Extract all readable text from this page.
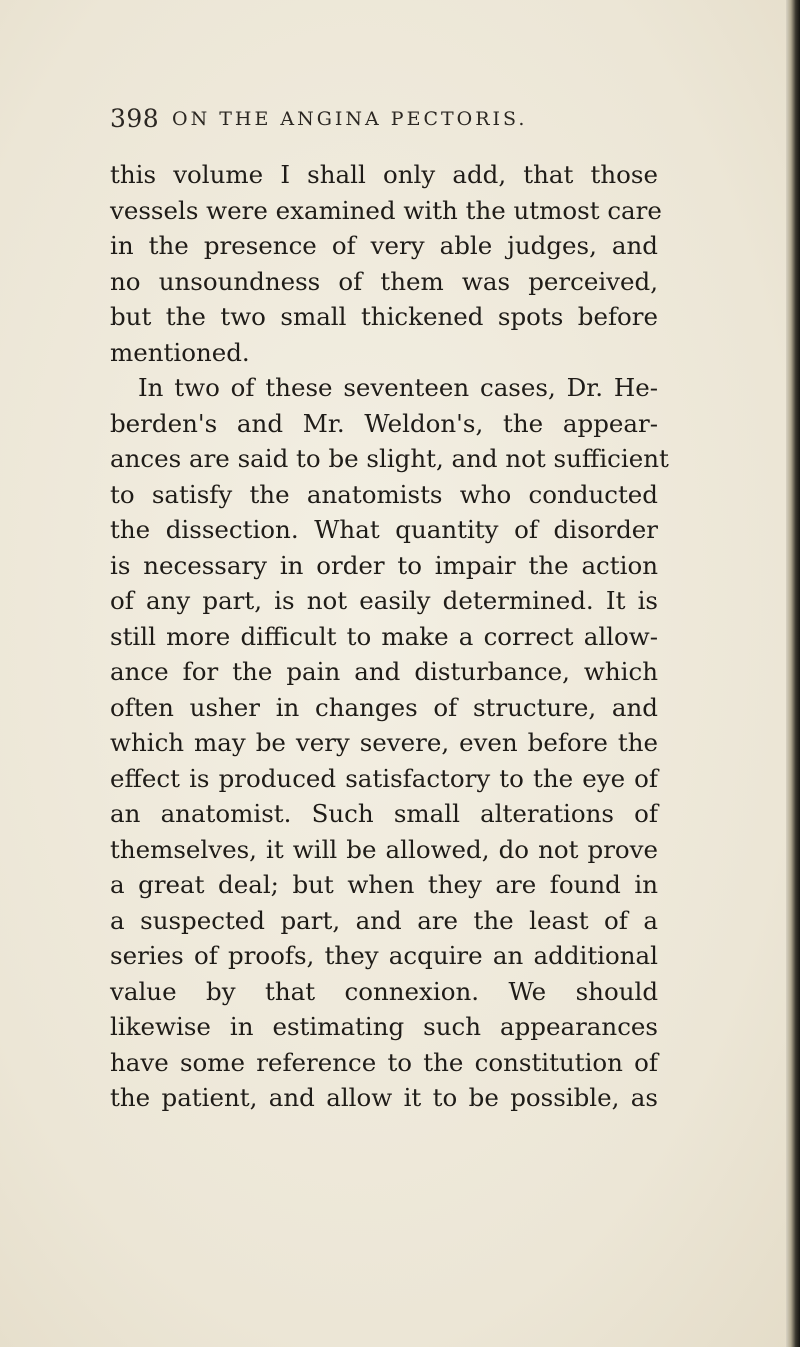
398 ON THE ANGINA PECTORIS.
this volume I shall only add, that those
vessels were examined with the utmost care
in the presence of very able judges, and
no unsoundness of them was perceived,
but the two small thickened spots before
mentioned.
In two of these seventeen cases, Dr. He-
berden's and Mr. Weldon's, the appear-
ances are said to be slight, and not sufficient
to satisfy the anatomists who conducted
the dissection. What quantity of disorder
is necessary in order to impair the action
of any part, is not easily determined. It is
still more difficult to make a correct allow-
ance for the pain and disturbance, which
often usher in changes of structure, and
which may be very severe, even before the
effect is produced satisfactory to the eye of
an anatomist. Such small alterations of
themselves, it will be allowed, do not prove
a great deal; but when they are found in
a suspected part, and are the least of a
series of proofs, they acquire an additional
value by that connexion. We should
likewise in estimating such appearances
have some reference to the constitution of
the patient, and allow it to be possible, as
